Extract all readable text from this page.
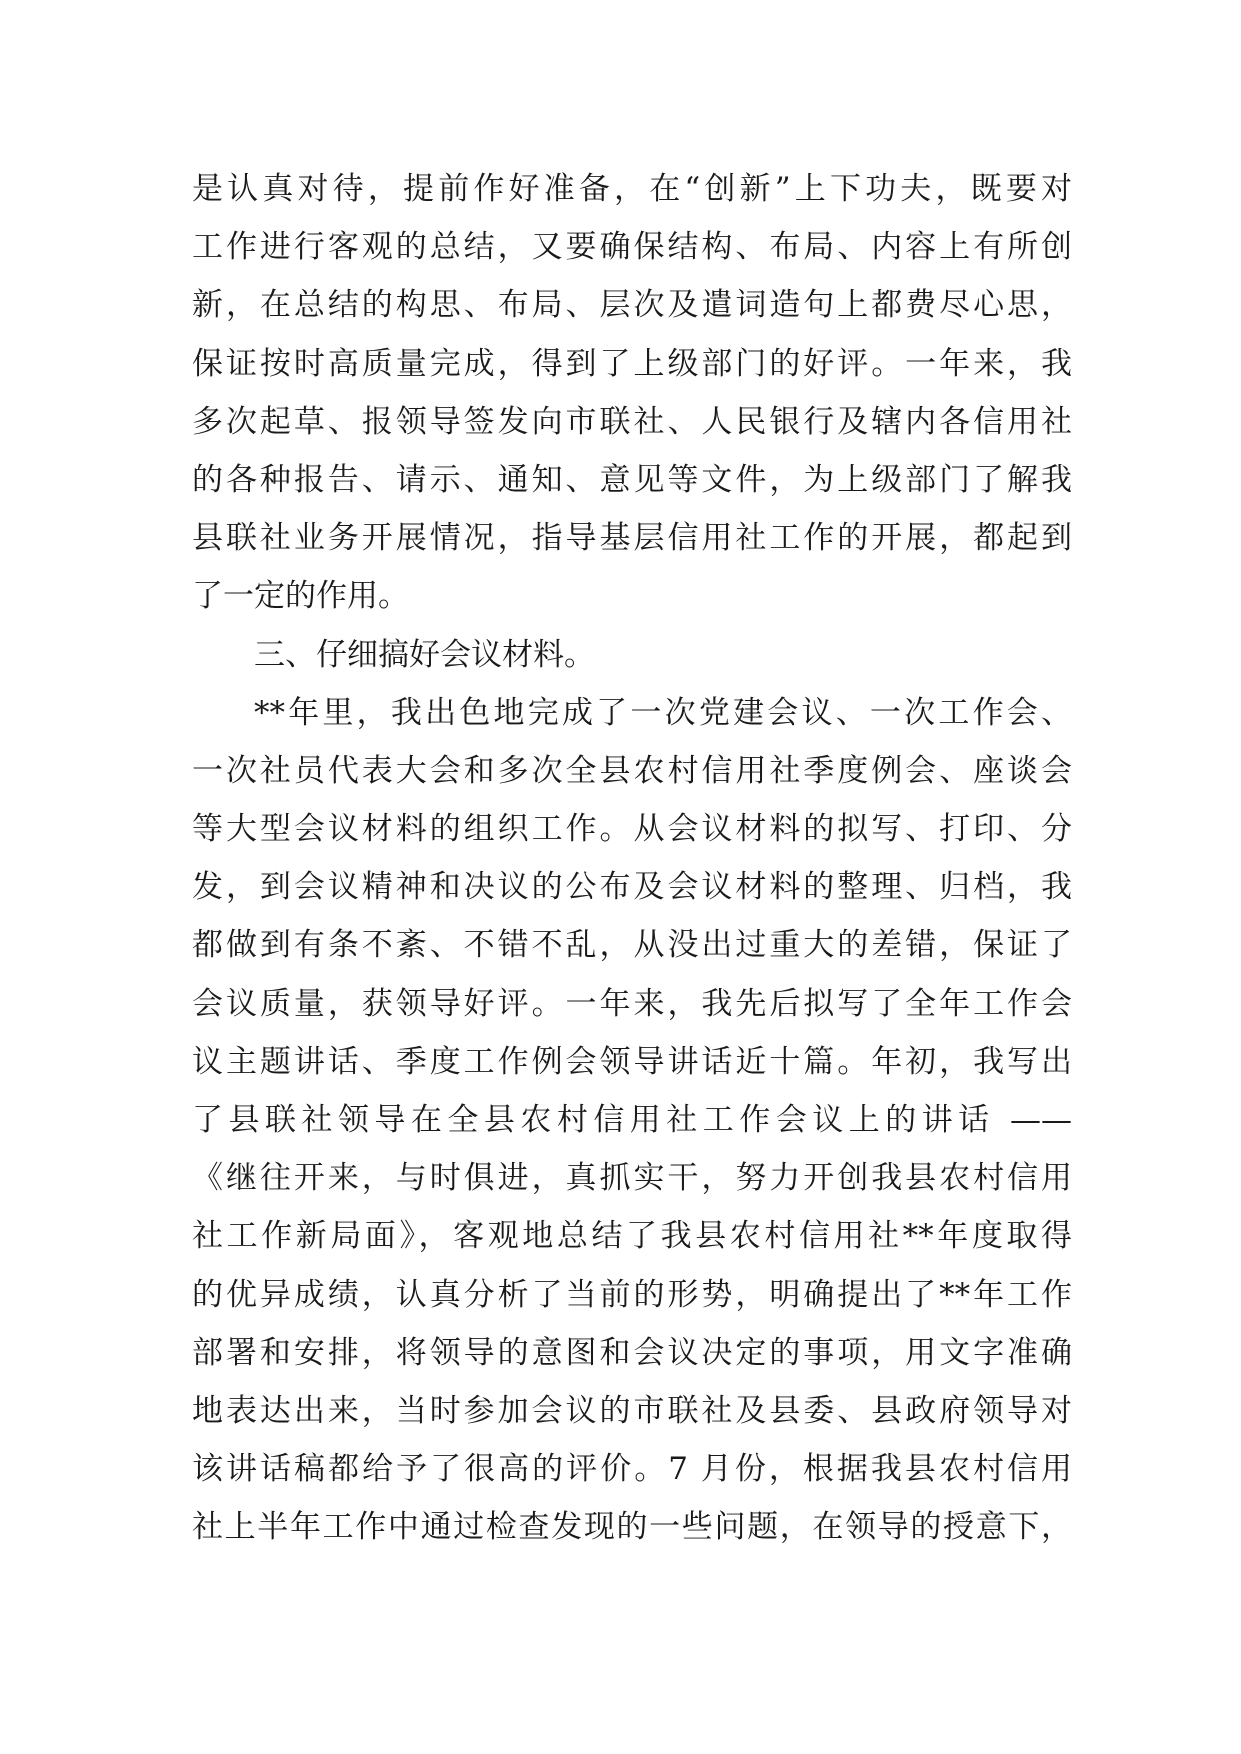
是认真对待，提前作好准备，在“创新”上下功夫，既要对
工作进行客观的总结，又要确保结构、布局、内容上有所创
新，在总结的构思、布局、层次及遣词造句上都费尽心思，
保证按时高质量完成，得到了上级部门的好评。一年来，我
多次起草、报领导签发向市联社、人民银行及辖内各信用社
的各种报告、请示、通知、意见等文件，为上级部门了解我
县联社业务开展情况，指导基层信用社工作的开展，都起到
了一定的作用。
三、仔细搞好会议材料。
**年里，我出色地完成了一次党建会议、一次工作会、
一次社员代表大会和多次全县农村信用社季度例会、座谈会
等大型会议材料的组织工作。从会议材料的拟写、打印、分
发，到会议精神和决议的公布及会议材料的整理、归档，我
都做到有条不紊、不错不乱，从没出过重大的差错，保证了
会议质量，获领导好评。一年来，我先后拟写了全年工作会
议主题讲话、季度工作例会领导讲话近十篇。年初，我写出
了县联社领导在全县农村信用社工作会议上的讲话 ——
《继往开来，与时俱进，真抓实干，努力开创我县农村信用
社工作新局面》，客观地总结了我县农村信用社**年度取得
的优异成绩，认真分析了当前的形势，明确提出了**年工作
部署和安排，将领导的意图和会议决定的事项，用文字准确
地表达出来，当时参加会议的市联社及县委、县政府领导对
该讲话稿都给予了很高的评价。7 月份，根据我县农村信用
社上半年工作中通过检查发现的一些问题，在领导的授意下，
